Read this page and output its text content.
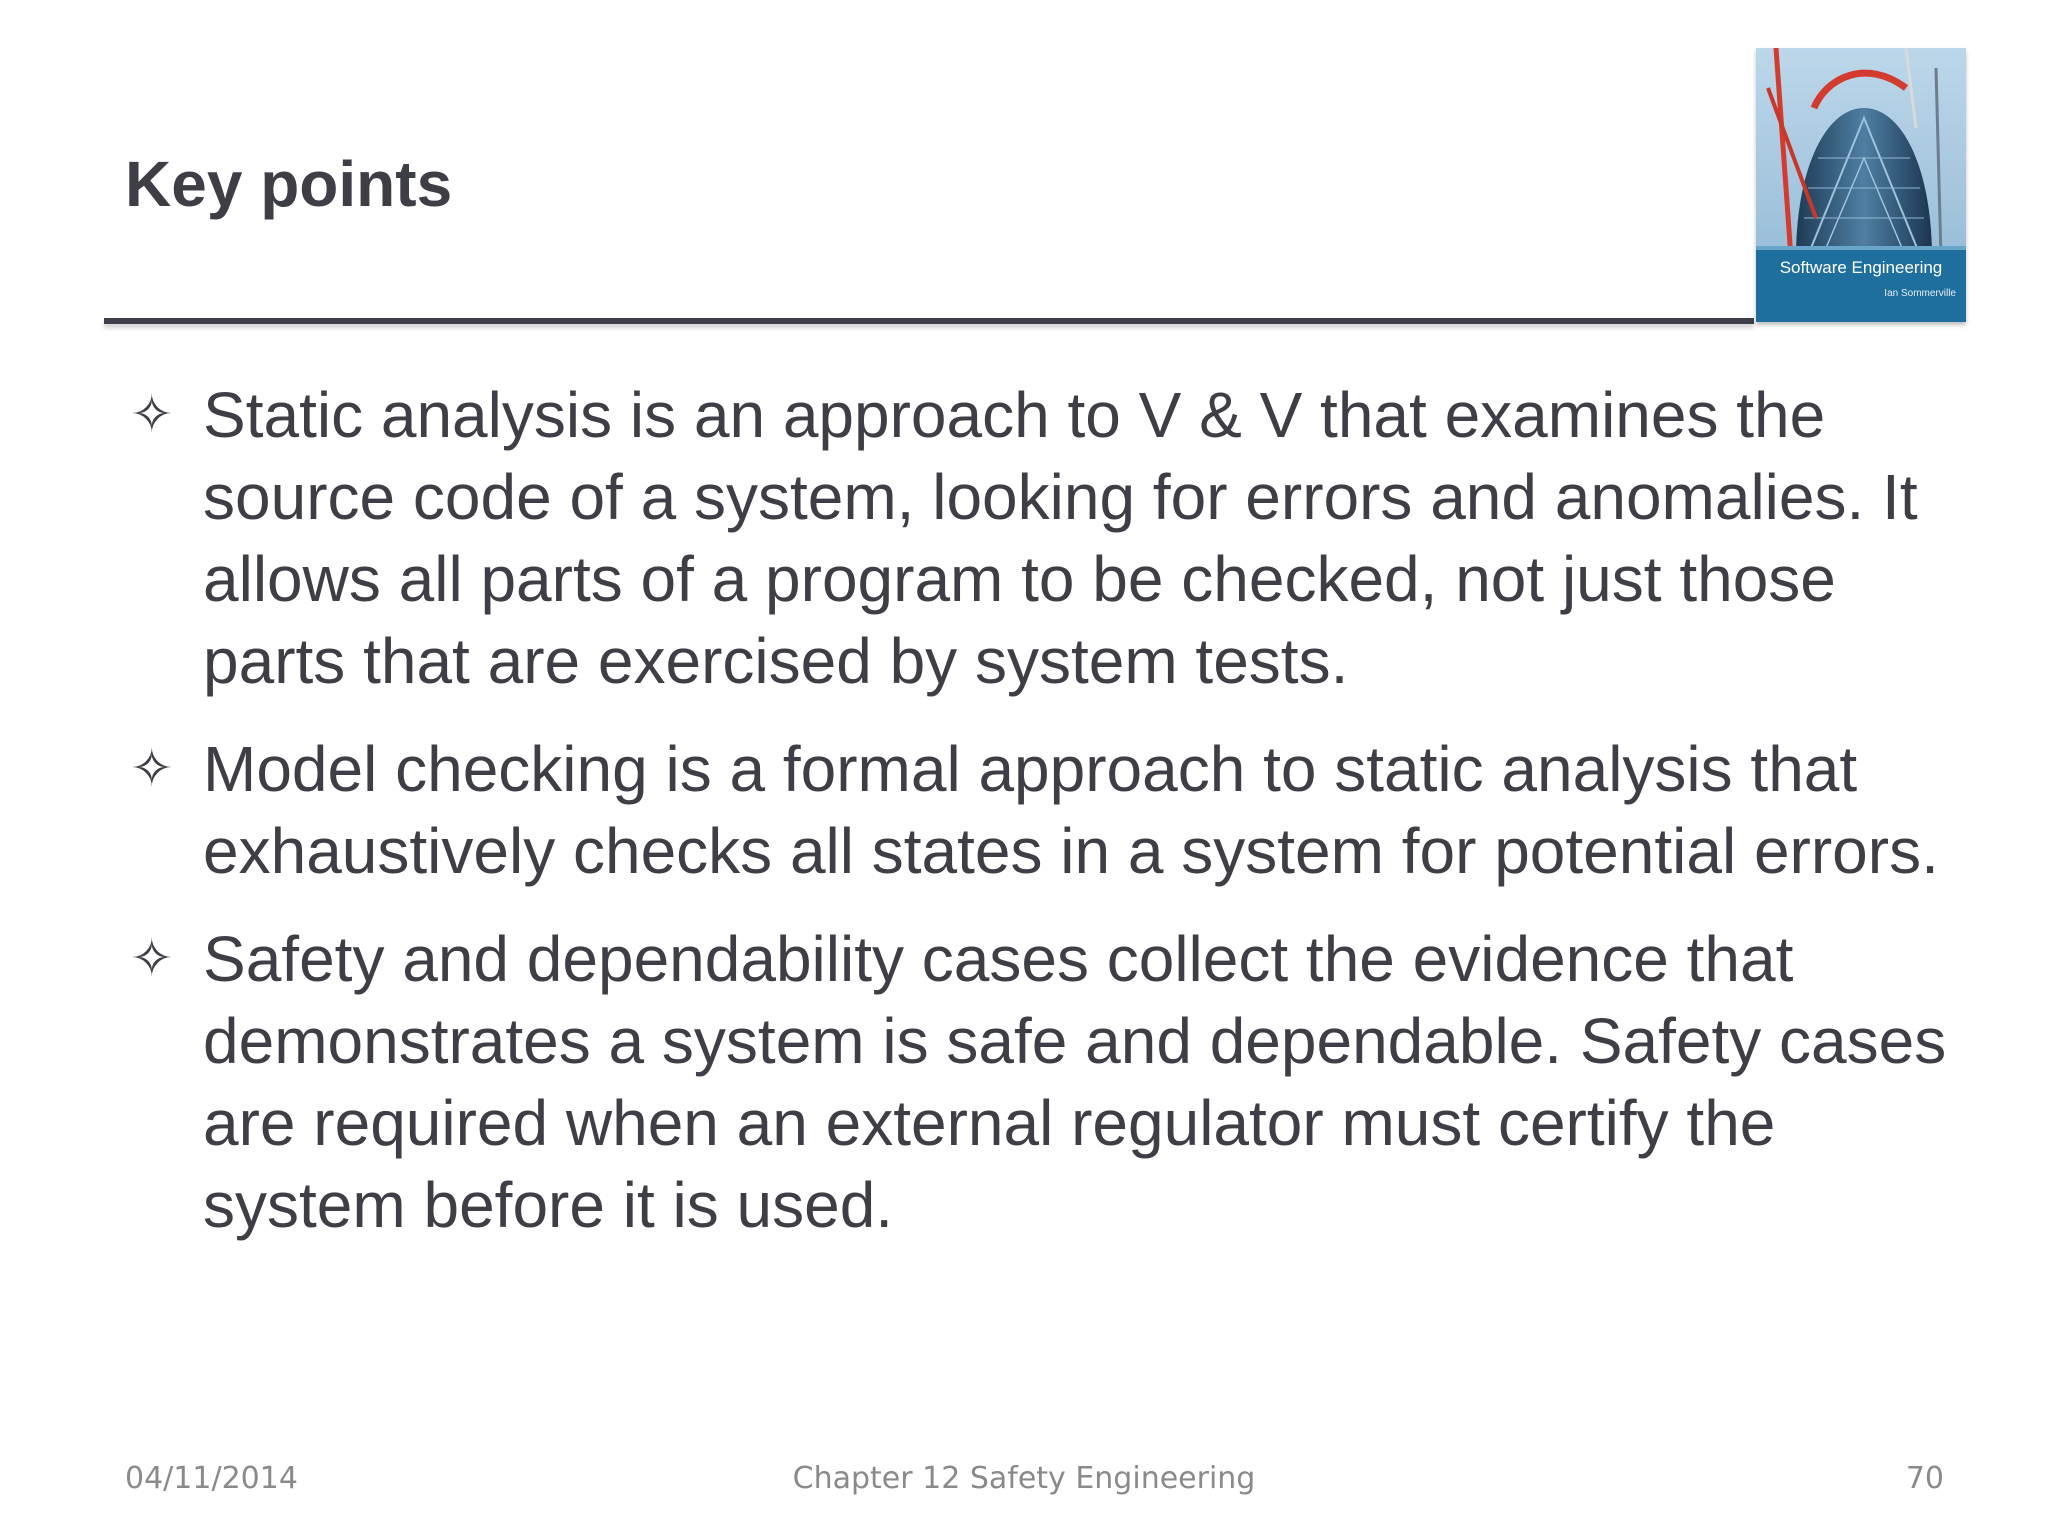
Key points
Software Engineering
Ian Sommerville
✧ Static analysis is an approach to V & V that examines the source code of a system, looking for errors and anomalies. It allows all parts of a program to be checked, not just those parts that are exercised by system tests.
✧ Model checking is a formal approach to static analysis that exhaustively checks all states in a system for potential errors.
✧ Safety and dependability cases collect the evidence that demonstrates a system is safe and dependable. Safety cases are required when an external regulator must certify the system before it is used.
04/11/2014	Chapter 12 Safety Engineering	70
